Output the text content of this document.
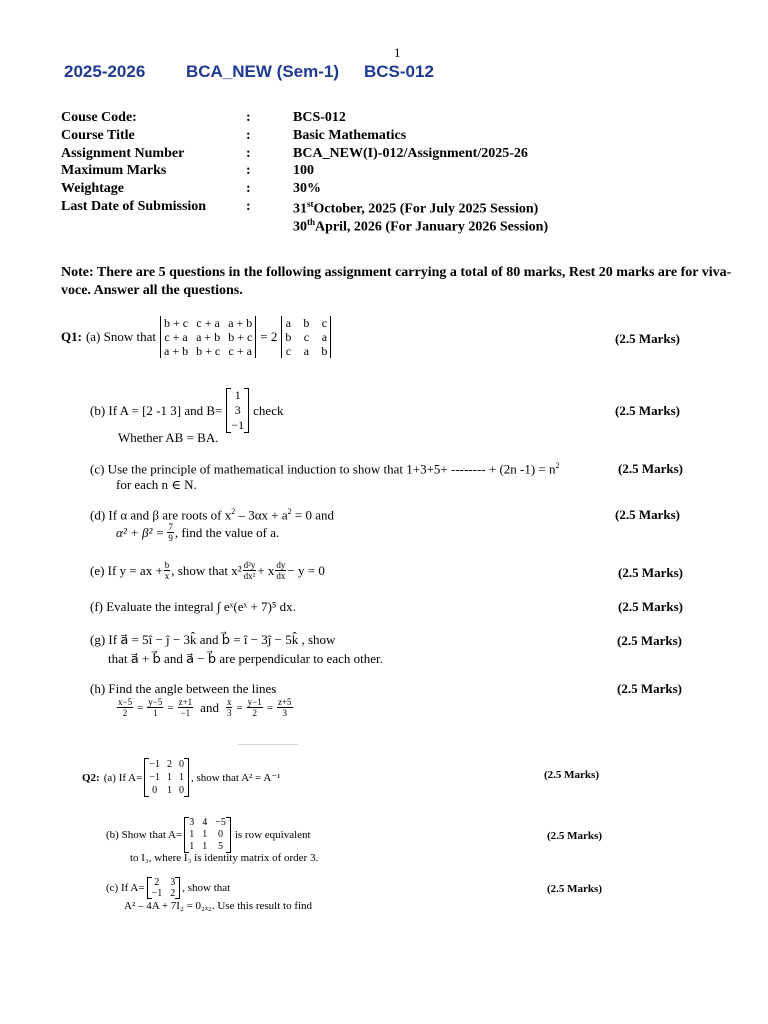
1
2025-2026 BCA_NEW (Sem-1) BCS-012
Couse Code:	:	BCS-012
Course Title	:	Basic Mathematics
Assignment Number	:	BCA_NEW(I)-012/Assignment/2025-26
Maximum Marks	:	100
Weightage	:	30%
Last Date of Submission	:	31stOctober, 2025 (For July 2025 Session)
30thApril, 2026 (For January 2026 Session)
Note: There are 5 questions in the following assignment carrying a total of 80 marks, Rest 20 marks are for viva-voce. Answer all the questions.
Q1: (a) Snow that
b + c c + a a + b
c + a a + b b + c
a + b b + c c + a
= 2
a b c
b c a
c a b
(2.5 Marks)
(b) If A = [2 -1 3] and B=
1
3
−1
check	(2.5 Marks)
Whether AB = BA.
(c) Use the principle of mathematical induction to show that 1+3+5+ -------- + (2n $-1) = n^2$	(2.5 Marks)
for each n ∈ N.
(d) If α and β are roots of $x^2 - 3\alpha x + a^2 = 0$ and	(2.5 Marks)
$\alpha^2 + \beta^2 = \frac{7}{9}$ , find the value of a.
(e) If y = ax + $\frac{b}{x}$ , show that $x^2 \frac{\text{d²y}}{\text{dx²}} + x \frac{dy}{dx} - y = 0$	(2.5 Marks)
(f) Evaluate the integral ∫ eˣ(eˣ + 7)⁵ dx.	(2.5 Marks)
(g) If a⃗ = 5î − ĵ − 3k̂ and b⃗ = î − 3ĵ − 5k̂ , show	(2.5 Marks)
that a⃗ + b⃗ and a⃗ − b⃗ are perpendicular to each other.
(h) Find the angle between the lines	(2.5 Marks)
$\frac{x-5}{2} = \frac{y-5}{1} = \frac{z+1}{-1}$ and $\frac{x}{3} = \frac{y-1}{2} = \frac{z+5}{3}$
Q2: (a) If A=
−1 2 0
−1 1 1
0 1 0
, show that A² = A⁻¹	(2.5 Marks)
(b) Show that A=
3 4 −5
1 1 0
1 1 5
is row equivalent	(2.5 Marks)
to I₃, where I₃ is identity matrix of order 3.
(c) If A= 2 3
−1 2 , show that	(2.5 Marks)
A² – 4A + 7I₂ = 0₂ₓ₂. Use this result to find
